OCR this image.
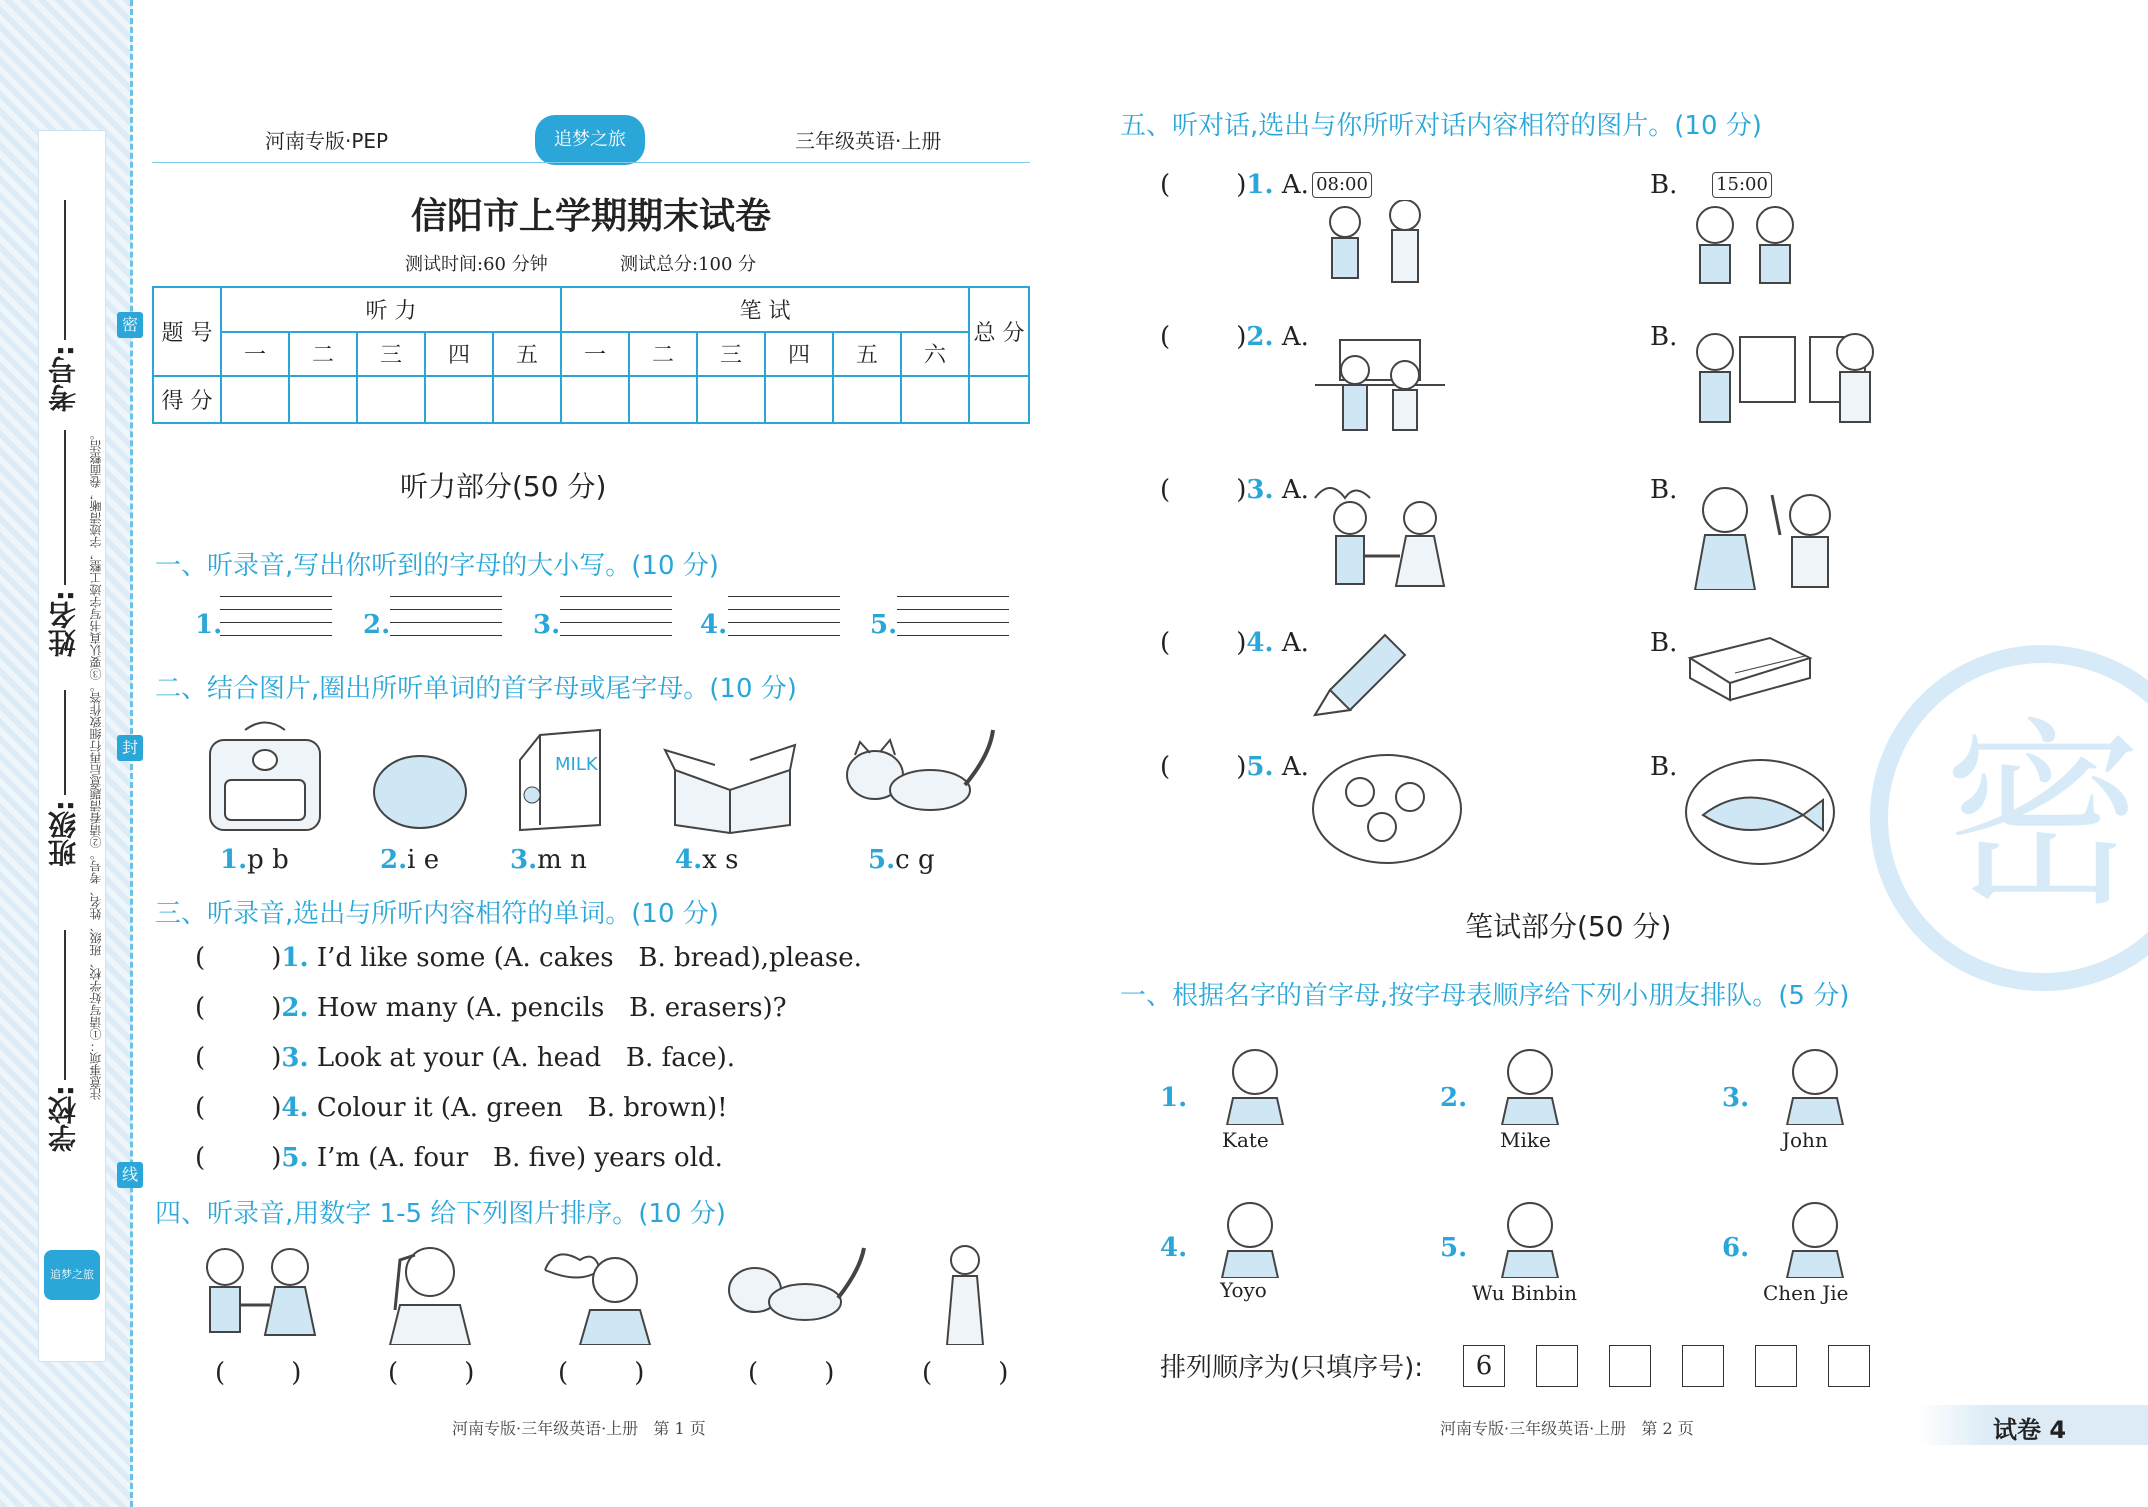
学校:
班级:
姓名:
考号:
注意事项：①请写好学校、班级、姓名、考号。②请看清题意后再行细致作答。③要认真书写字迹工整，字迹清晰，卷面整洁。
密
封
线
追梦之旅
河南专版·PEP	追梦之旅	三年级英语·上册
信阳市上学期期末试卷
测试时间:60 分钟	测试总分:100 分
题 号	听 力					笔 试						总 分
	一	二	三	四	五	一	二	三	四	五	六	
得 分												
听力部分(50 分)
一、听录音,写出你听到的字母的大小写。(10 分)
1.	2.	3.	4.	5.
二、结合图片,圈出所听单词的首字母或尾字母。(10 分)
MILK
1.p b	2.i e	3.m n	4.x s	5.c g
三、听录音,选出与所听内容相符的单词。(10 分)
(        )1. I’d like some (A. cakes   B. bread),please.
(        )2. How many (A. pencils   B. erasers)?
(        )3. Look at your (A. head   B. face).
(        )4. Colour it (A. green   B. brown)!
(        )5. I’m (A. four   B. five) years old.
四、听录音,用数字 1-5 给下列图片排序。(10 分)
(        )	(        )	(        )	(        )	(        )
河南专版·三年级英语·上册   第 1 页
密
五、听对话,选出与你所听对话内容相符的图片。(10 分)
(        )1. A. 08:00	B. 15:00
(        )2. A.	B.
(        )3. A.	B.
(        )4. A.	B.
(        )5. A.	B.
笔试部分(50 分)
一、根据名字的首字母,按字母表顺序给下列小朋友排队。(5 分)
1.
Kate
2.
Mike
3.
John
4.
Yoyo
5.
Wu Binbin
6.
Chen Jie
排列顺序为(只填序号):	6
河南专版·三年级英语·上册   第 2 页	试卷 4
